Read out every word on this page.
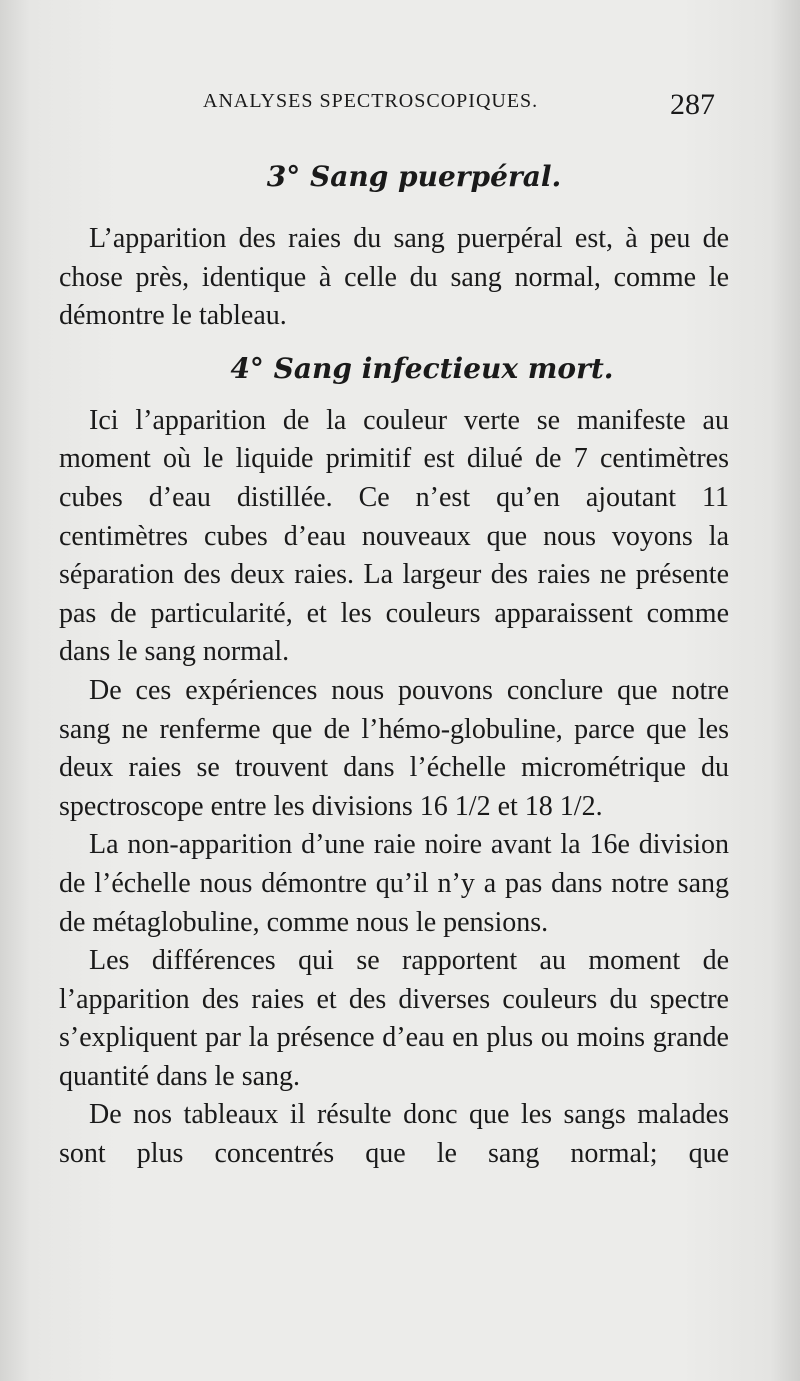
ANALYSES SPECTROSCOPIQUES.	287
3° Sang puerpéral.

L’apparition des raies du sang puerpéral est, à peu de chose près, identique à celle du sang normal, comme le démontre le tableau.

4° Sang infectieux mort.

Ici l’apparition de la couleur verte se manifeste au moment où le liquide primitif est dilué de 7 centimètres cubes d’eau distillée. Ce n’est qu’en ajoutant 11 centimètres cubes d’eau nouveaux que nous voyons la séparation des deux raies. La largeur des raies ne présente pas de particularité, et les couleurs apparaissent comme dans le sang normal.

De ces expériences nous pouvons conclure que notre sang ne renferme que de l’hémo-globuline, parce que les deux raies se trouvent dans l’échelle micrométrique du spectroscope entre les divisions 16 1/2 et 18 1/2.

La non-apparition d’une raie noire avant la 16e division de l’échelle nous démontre qu’il n’y a pas dans notre sang de métaglobuline, comme nous le pensions.

Les différences qui se rapportent au moment de l’apparition des raies et des diverses couleurs du spectre s’expliquent par la présence d’eau en plus ou moins grande quantité dans le sang.

De nos tableaux il résulte donc que les sangs malades sont plus concentrés que le sang normal; que
